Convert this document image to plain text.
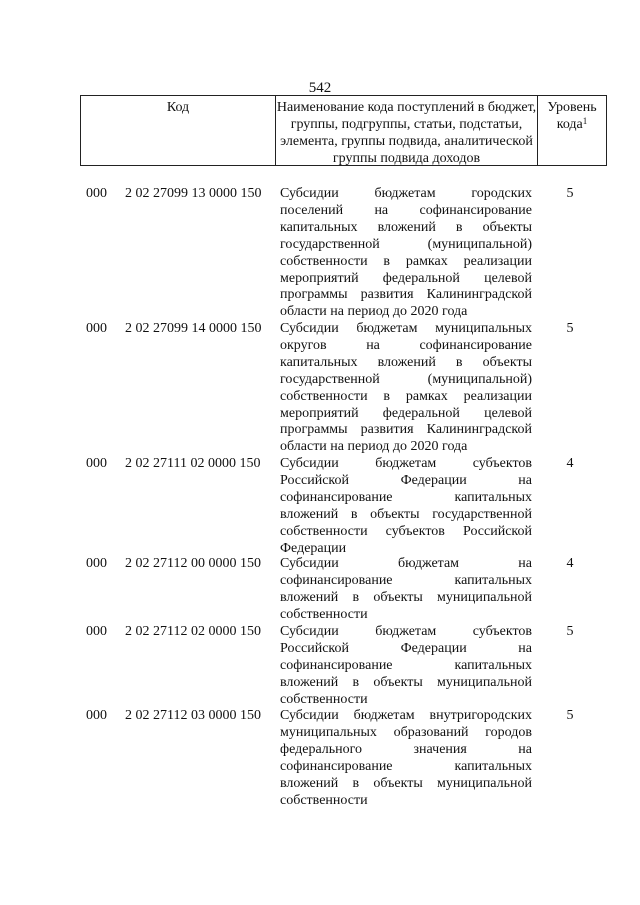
542
Код	Наименование кода поступлений в бюджет, группы, подгруппы, статьи, подстатьи, элемента, группы подвида, аналитической группы подвида доходов
Уровень кода$^1$
000 2 02 27099 13 0000 150 Субсидии бюджетам городских поселений на софинансирование капитальных вложений в объекты государственной (муниципальной) собственности в рамках реализации мероприятий федеральной целевой программы развития Калининградской области на период до 2020 года
5
000 2 02 27099 14 0000 150 Субсидии бюджетам муниципальных округов на софинансирование капитальных вложений в объекты государственной (муниципальной) собственности в рамках реализации мероприятий федеральной целевой программы развития Калининградской области на период до 2020 года
5
000 2 02 27111 02 0000 150 Субсидии бюджетам субъектов Российской Федерации на софинансирование капитальных вложений в объекты государственной собственности субъектов Российской Федерации
4
000 2 02 27112 00 0000 150 Субсидии бюджетам на софинансирование капитальных вложений в объекты муниципальной собственности
4
000 2 02 27112 02 0000 150 Субсидии бюджетам субъектов Российской Федерации на софинансирование капитальных вложений в объекты муниципальной собственности
5
000 2 02 27112 03 0000 150 Субсидии бюджетам внутригородских муниципальных образований городов федерального значения на софинансирование капитальных вложений в объекты муниципальной собственности
5
